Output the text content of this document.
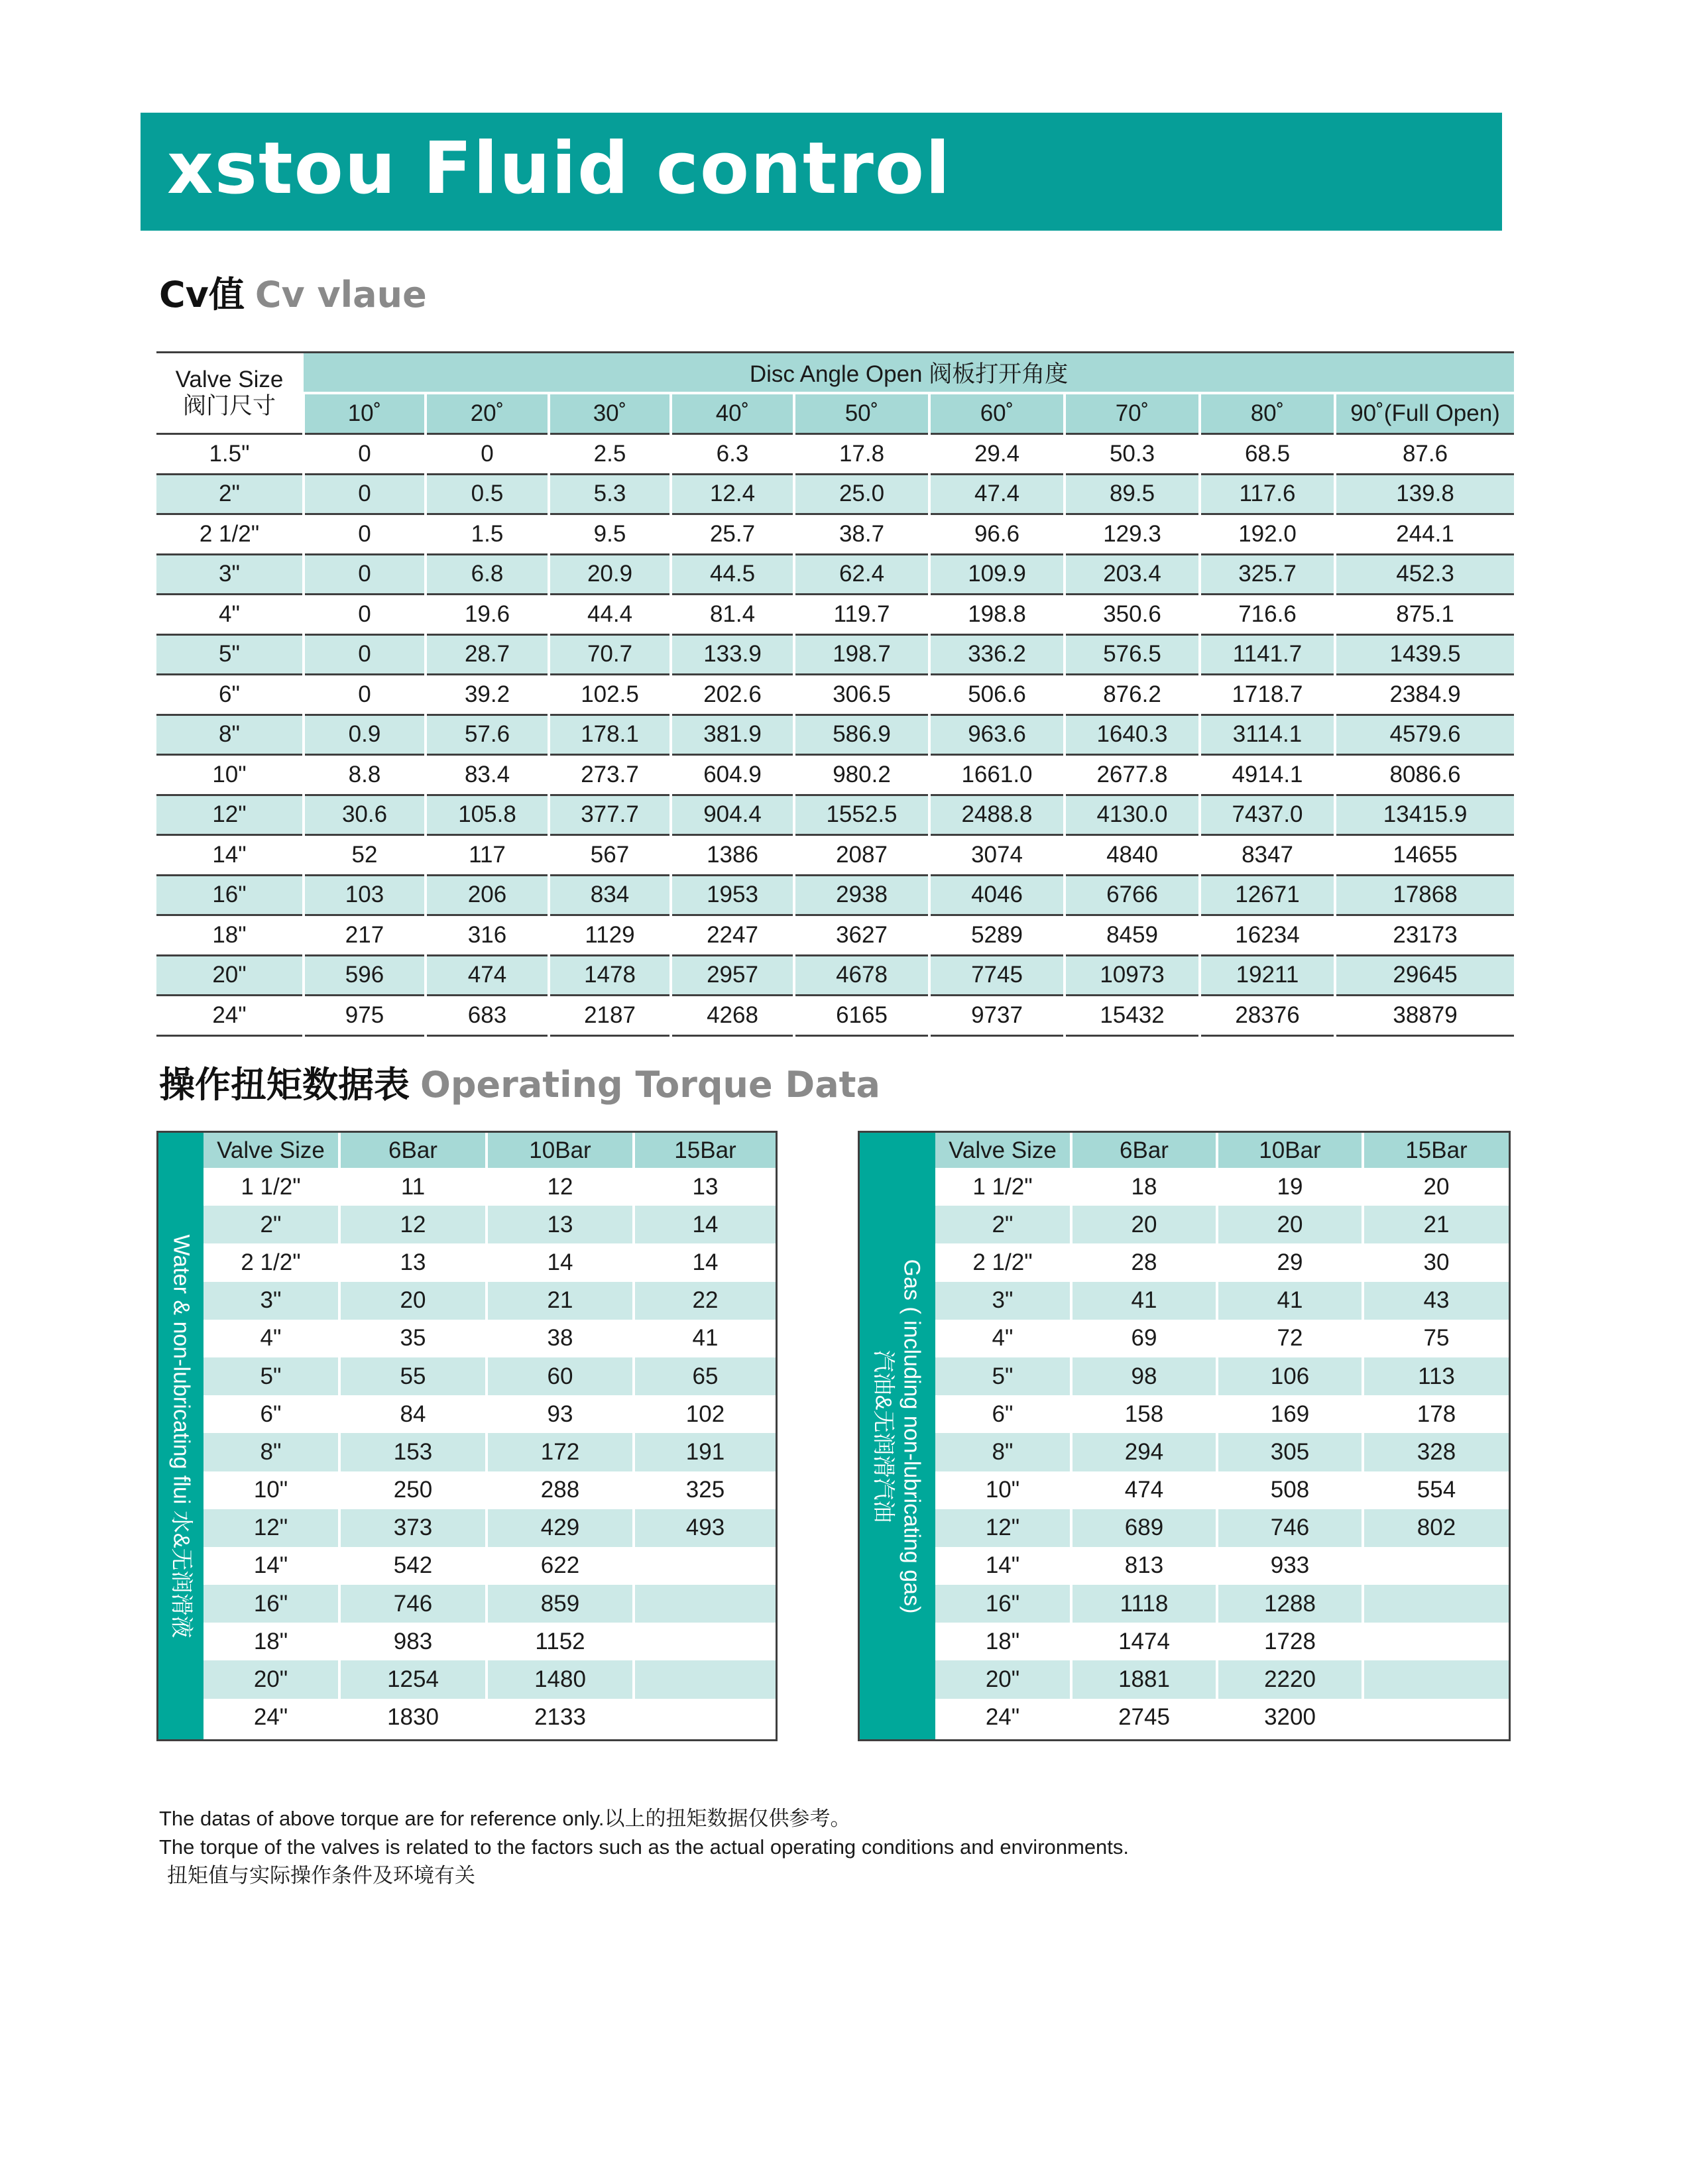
xstou Fluid control
Cv值 Cv vlaue
Valve Size
阀门尺寸	Disc Angle Open 阀板打开角度								
	10˚	20˚	30˚	40˚	50˚	60˚	70˚	80˚	90˚(Full Open)
1.5"	0	0	2.5	6.3	17.8	29.4	50.3	68.5	87.6
2"	0	0.5	5.3	12.4	25.0	47.4	89.5	117.6	139.8
2 1/2"	0	1.5	9.5	25.7	38.7	96.6	129.3	192.0	244.1
3"	0	6.8	20.9	44.5	62.4	109.9	203.4	325.7	452.3
4"	0	19.6	44.4	81.4	119.7	198.8	350.6	716.6	875.1
5"	0	28.7	70.7	133.9	198.7	336.2	576.5	1141.7	1439.5
6"	0	39.2	102.5	202.6	306.5	506.6	876.2	1718.7	2384.9
8"	0.9	57.6	178.1	381.9	586.9	963.6	1640.3	3114.1	4579.6
10"	8.8	83.4	273.7	604.9	980.2	1661.0	2677.8	4914.1	8086.6
12"	30.6	105.8	377.7	904.4	1552.5	2488.8	4130.0	7437.0	13415.9
14"	52	117	567	1386	2087	3074	4840	8347	14655
16"	103	206	834	1953	2938	4046	6766	12671	17868
18"	217	316	1129	2247	3627	5289	8459	16234	23173
20"	596	474	1478	2957	4678	7745	10973	19211	29645
24"	975	683	2187	4268	6165	9737	15432	28376	38879
操作扭矩数据表 Operating Torque Data
Water & non-lubricating flui 水&无润滑液
Valve Size	6Bar	10Bar	15Bar
1 1/2"	11	12	13
2"	12	13	14
2 1/2"	13	14	14
3"	20	21	22
4"	35	38	41
5"	55	60	65
6"	84	93	102
8"	153	172	191
10"	250	288	325
12"	373	429	493
14"	542	622	
16"	746	859	
18"	983	1152	
20"	1254	1480	
24"	1830	2133	
Gas ( including non-lubricating gas)
汽油&无润滑汽油
Valve Size	6Bar	10Bar	15Bar
1 1/2"	18	19	20
2"	20	20	21
2 1/2"	28	29	30
3"	41	41	43
4"	69	72	75
5"	98	106	113
6"	158	169	178
8"	294	305	328
10"	474	508	554
12"	689	746	802
14"	813	933	
16"	1118	1288	
18"	1474	1728	
20"	1881	2220	
24"	2745	3200	
The datas of above torque are for reference only.以上的扭矩数据仅供参考。
The torque of the valves is related to the factors such as the actual operating conditions and environments.
扭矩值与实际操作条件及环境有关
